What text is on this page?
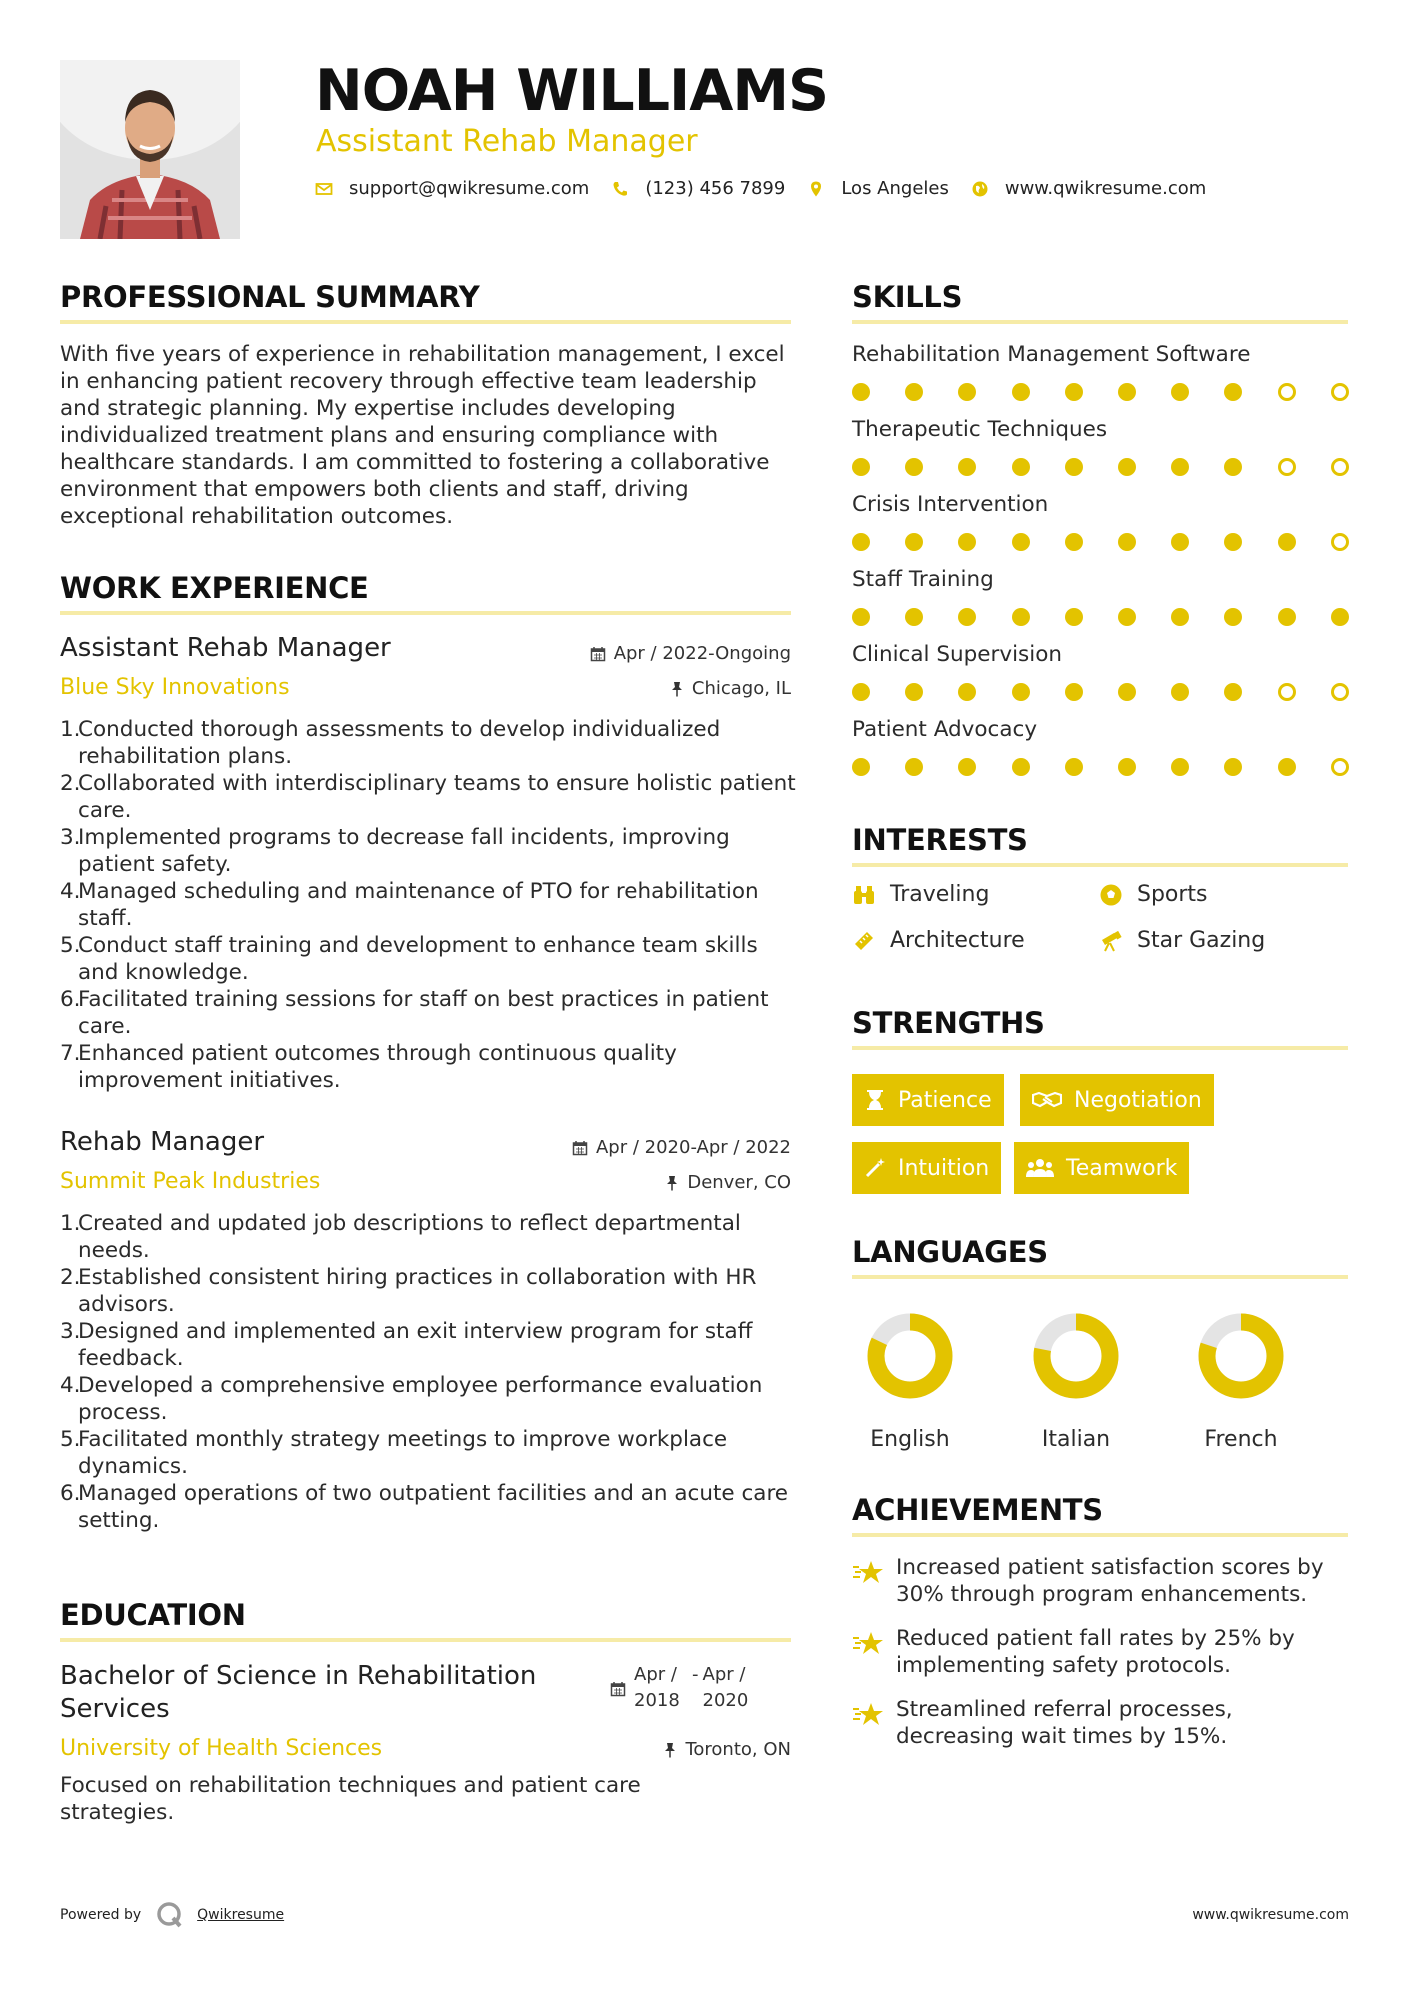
NOAH WILLIAMS
Assistant Rehab Manager
support@qwikresume.com	(123) 456 7899	Los Angeles	www.qwikresume.com
PROFESSIONAL SUMMARY
With five years of experience in rehabilitation management, I excel in enhancing patient recovery through effective team leadership and strategic planning. My expertise includes developing individualized treatment plans and ensuring compliance with healthcare standards. I am committed to fostering a collaborative environment that empowers both clients and staff, driving exceptional rehabilitation outcomes.
WORK EXPERIENCE
Assistant Rehab Manager	Apr / 2022-Ongoing
Blue Sky Innovations	Chicago, IL
1.
Conducted thorough assessments to develop individualized rehabilitation plans.
2.
Collaborated with interdisciplinary teams to ensure holistic patient care.
3.
Implemented programs to decrease fall incidents, improving patient safety.
4.
Managed scheduling and maintenance of PTO for rehabilitation staff.
5.
Conduct staff training and development to enhance team skills and knowledge.
6.
Facilitated training sessions for staff on best practices in patient care.
7.
Enhanced patient outcomes through continuous quality improvement initiatives.
Rehab Manager	Apr / 2020-Apr / 2022
Summit Peak Industries	Denver, CO
1.
Created and updated job descriptions to reflect departmental needs.
2.
Established consistent hiring practices in collaboration with HR advisors.
3.
Designed and implemented an exit interview program for staff feedback.
4.
Developed a comprehensive employee performance evaluation process.
5.
Facilitated monthly strategy meetings to improve workplace dynamics.
6.
Managed operations of two outpatient facilities and an acute care setting.
EDUCATION
Bachelor of Science in Rehabilitation Services
Apr / 2018
- Apr / 2020
University of Health Sciences	Toronto, ON
Focused on rehabilitation techniques and patient care strategies.
SKILLS
Rehabilitation Management Software
Therapeutic Techniques
Crisis Intervention
Staff Training
Clinical Supervision
Patient Advocacy
INTERESTS
Traveling	Sports
Architecture	Star Gazing
STRENGTHS
Patience	Negotiation
Intuition	Teamwork
LANGUAGES
English	Italian	French
ACHIEVEMENTS
Increased patient satisfaction scores by 30% through program enhancements.
Reduced patient fall rates by 25% by implementing safety protocols.
Streamlined referral processes, decreasing wait times by 15%.
Powered by	Qwikresume	www.qwikresume.com
